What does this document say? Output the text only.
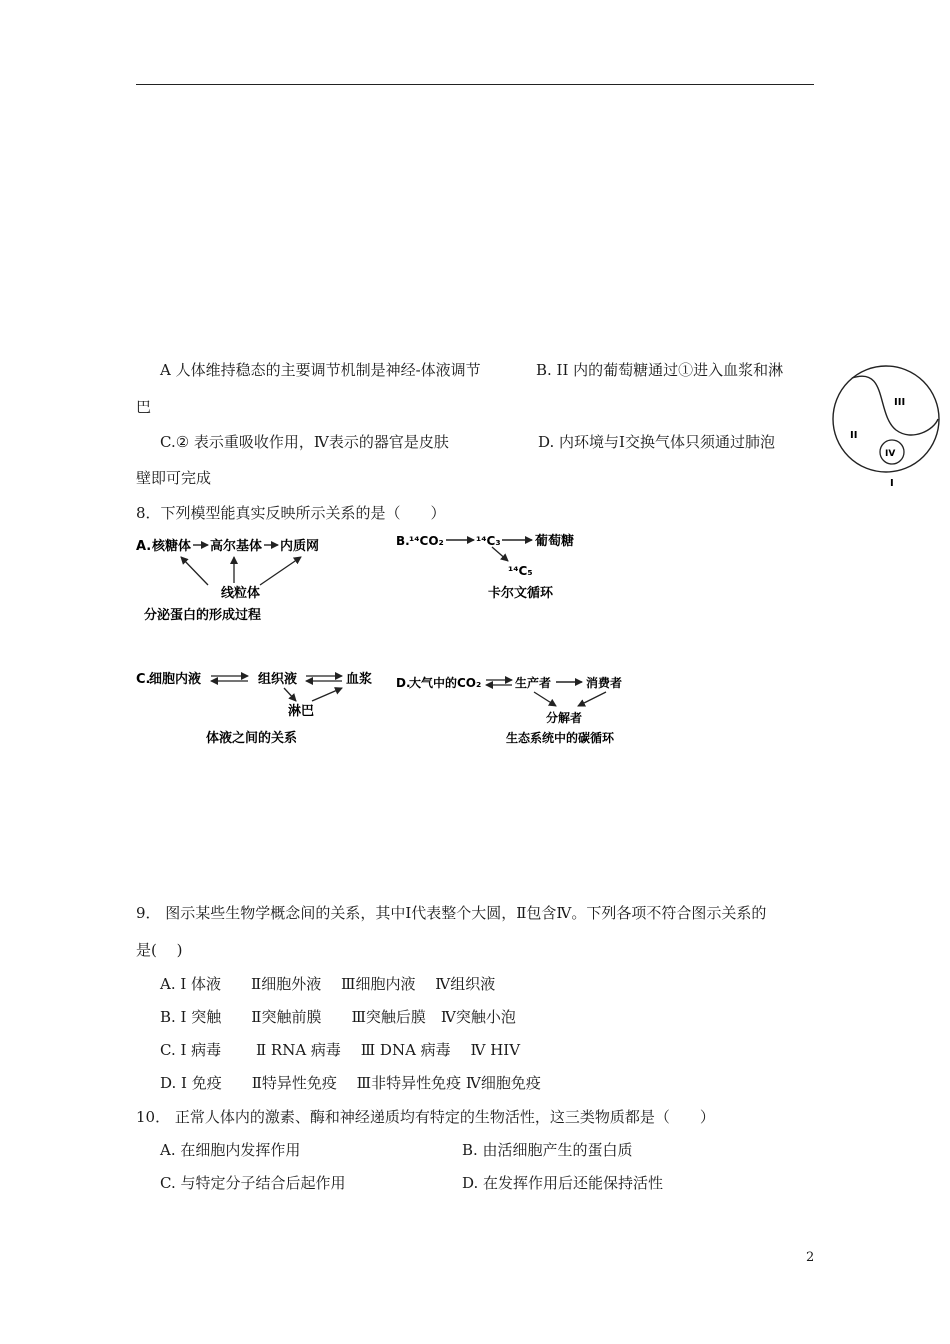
A 人体维持稳态的主要调节机制是神经-体液调节	B. II 内的葡萄糖通过①进入血浆和淋
巴
C.② 表示重吸收作用，Ⅳ表示的器官是皮肤	D. 内环境与Ⅰ交换气体只须通过肺泡
壁即可完成
III
II
IV
I
8．下列模型能真实反映所示关系的是（　　）
A. 核糖体 高尔基体 内质网
线粒体
分泌蛋白的形成过程
B. ¹⁴CO₂	¹⁴C₃	葡萄糖
¹⁴C₅
卡尔文循环
C.
细胞内液	组织液	血浆
淋巴
体液之间的关系
D.
大气中的CO₂	生产者	消费者
分解者
生态系统中的碳循环
9． 图示某些生物学概念间的关系，其中Ⅰ代表整个大圆，Ⅱ包含Ⅳ。下列各项不符合图示关系的
是(　 )
A. Ⅰ 体液　　Ⅱ细胞外液　 Ⅲ细胞内液　 Ⅳ组织液
B. Ⅰ 突触　　Ⅱ突触前膜　　Ⅲ突触后膜　Ⅳ突触小泡
C. Ⅰ 病毒　　 Ⅱ RNA 病毒　 Ⅲ DNA 病毒　 Ⅳ HIV
D. Ⅰ 免疫　　Ⅱ特异性免疫　 Ⅲ非特异性免疫 Ⅳ细胞免疫
10． 正常人体内的激素、酶和神经递质均有特定的生物活性，这三类物质都是（　　）
A. 在细胞内发挥作用	B. 由活细胞产生的蛋白质
C. 与特定分子结合后起作用	D. 在发挥作用后还能保持活性
2
